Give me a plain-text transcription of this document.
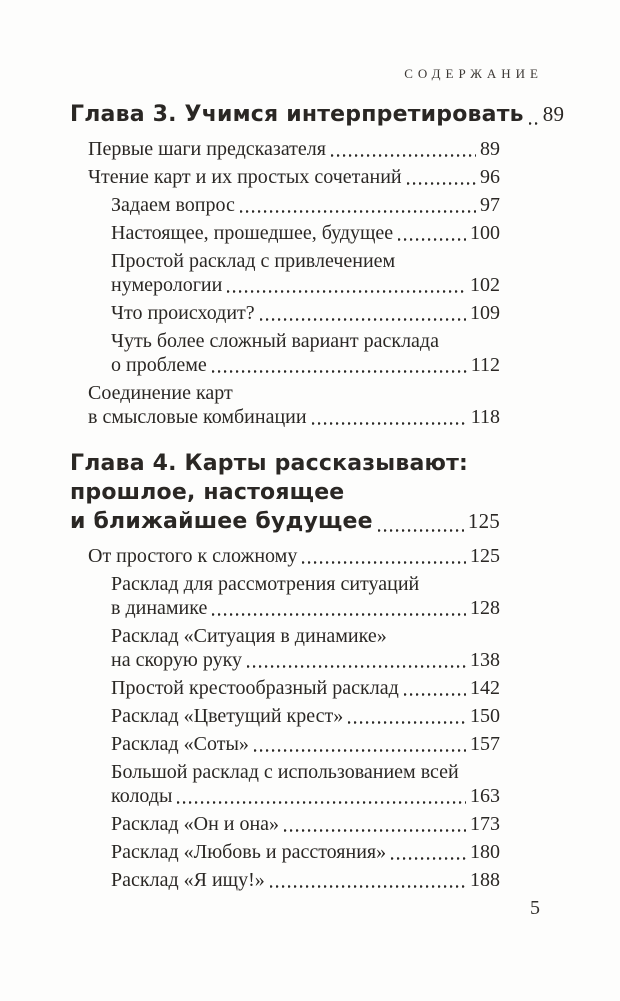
СОДЕРЖАНИЕ
Глава 3. Учимся интерпретировать 89
Первые шаги предсказателя	89
Чтение карт и их простых сочетаний	96
Задаем вопрос	97
Настоящее, прошедшее, будущее	100
Простой расклад с привлечением
нумерологии	102
Что происходит?	109
Чуть более сложный вариант расклада
о проблеме	112
Соединение карт
в смысловые комбинации	118
Глава 4. Карты рассказывают:
прошлое, настоящее
и ближайшее будущее	125
От простого к сложному	125
Расклад для рассмотрения ситуаций
в динамике	128
Расклад «Ситуация в динамике»
на скорую руку	138
Простой крестообразный расклад	142
Расклад «Цветущий крест»	150
Расклад «Соты»	157
Большой расклад с использованием всей
колоды	163
Расклад «Он и она»	173
Расклад «Любовь и расстояния»	180
Расклад «Я ищу!»	188
5
